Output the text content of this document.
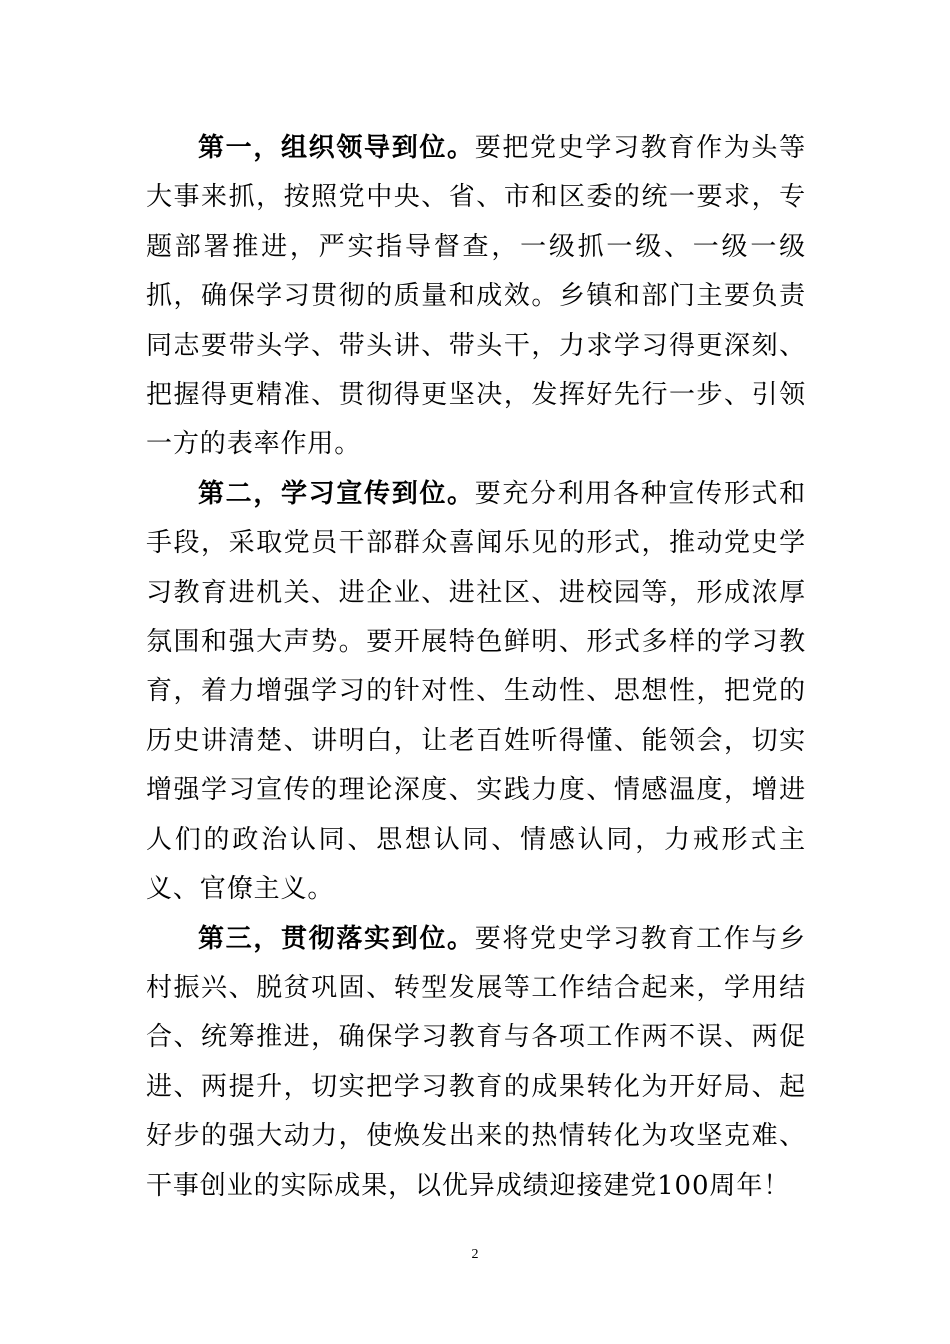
第一，组织领导到位。要把党史学习教育作为头等大事来抓，按照党中央、省、市和区委的统一要求，专题部署推进，严实指导督查，一级抓一级、一级一级抓，确保学习贯彻的质量和成效。乡镇和部门主要负责同志要带头学、带头讲、带头干，力求学习得更深刻、把握得更精准、贯彻得更坚决，发挥好先行一步、引领一方的表率作用。

第二，学习宣传到位。要充分利用各种宣传形式和手段，采取党员干部群众喜闻乐见的形式，推动党史学习教育进机关、进企业、进社区、进校园等，形成浓厚氛围和强大声势。要开展特色鲜明、形式多样的学习教育，着力增强学习的针对性、生动性、思想性，把党的历史讲清楚、讲明白，让老百姓听得懂、能领会，切实增强学习宣传的理论深度、实践力度、情感温度，增进人们的政治认同、思想认同、情感认同，力戒形式主义、官僚主义。

第三，贯彻落实到位。要将党史学习教育工作与乡村振兴、脱贫巩固、转型发展等工作结合起来，学用结合、统筹推进，确保学习教育与各项工作两不误、两促进、两提升，切实把学习教育的成果转化为开好局、起好步的强大动力，使焕发出来的热情转化为攻坚克难、干事创业的实际成果，以优异成绩迎接建党100周年！

2
